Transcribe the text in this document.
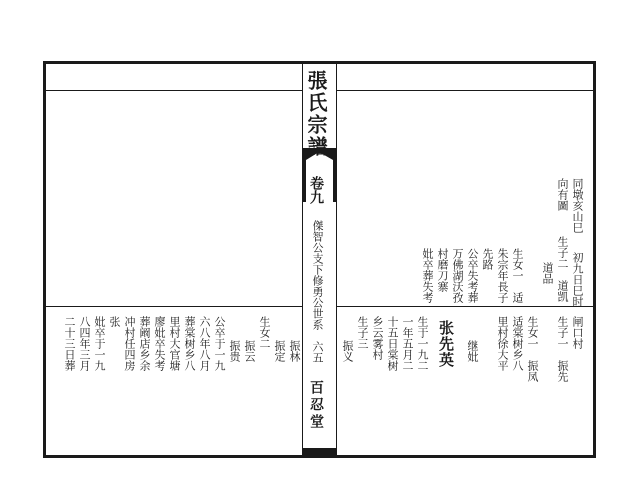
張氏宗譜
卷九
傑智公支下修勇公世系　六五
百忍堂
同墩亥山巳
向有圖
初九日巳时
生子二　道凯
道品
生女一　适
朱宗年長子
先路
公卒失考葬
万佛湖沃孜
村磨刀寨
妣卒葬失考
闸口村
生子一　振先
生女一　振凤
适棠树乡八
里村徐大平
继妣
张先英
生于一九二
一年五月二
十五日棠树
乡云雾村
生子三
振义
振林
振定
生女二
振云
振贵
公卒于一九
六八年八月
葬棠树乡八
里村大官塘
廖妣卒失考
葬阚店乡余
冲村任四房
张
妣卒于一九
八四年三月
二十三日葬
